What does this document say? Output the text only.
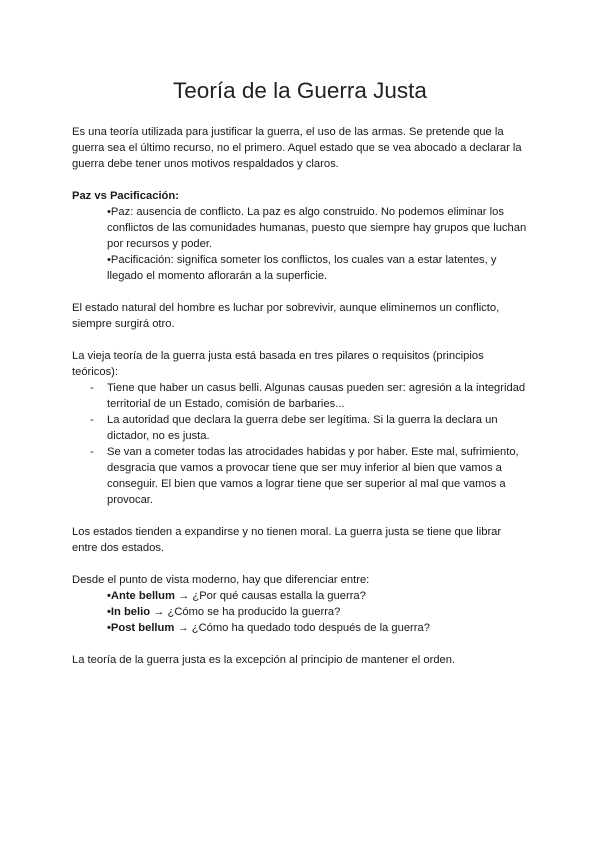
Teoría de la Guerra Justa

Es una teoría utilizada para justificar la guerra, el uso de las armas. Se pretende que la guerra sea el último recurso, no el primero. Aquel estado que se vea abocado a declarar la guerra debe tener unos motivos respaldados y claros.

Paz vs Pacificación:

•Paz: ausencia de conflicto. La paz es algo construido. No podemos eliminar los conflictos de las comunidades humanas, puesto que siempre hay grupos que luchan por recursos y poder.

•Pacificación: significa someter los conflictos, los cuales van a estar latentes, y llegado el momento aflorarán a la superficie.

El estado natural del hombre es luchar por sobrevivir, aunque eliminemos un conflicto, siempre surgirá otro.

La vieja teoría de la guerra justa está basada en tres pilares o requisitos (principios teóricos):

- Tiene que haber un casus belli. Algunas causas pueden ser: agresión a la integridad territorial de un Estado, comisión de barbaries...
- La autoridad que declara la guerra debe ser legítima. Si la guerra la declara un dictador, no es justa.
- Se van a cometer todas las atrocidades habidas y por haber. Este mal, sufrimiento, desgracia que vamos a provocar tiene que ser muy inferior al bien que vamos a conseguir. El bien que vamos a lograr tiene que ser superior al mal que vamos a provocar.

Los estados tienden a expandirse y no tienen moral. La guerra justa se tiene que librar entre dos estados.

Desde el punto de vista moderno, hay que diferenciar entre:

•Ante bellum → ¿Por qué causas estalla la guerra?

•In belio → ¿Cómo se ha producido la guerra?

•Post bellum → ¿Cómo ha quedado todo después de la guerra?

La teoría de la guerra justa es la excepción al principio de mantener el orden.
